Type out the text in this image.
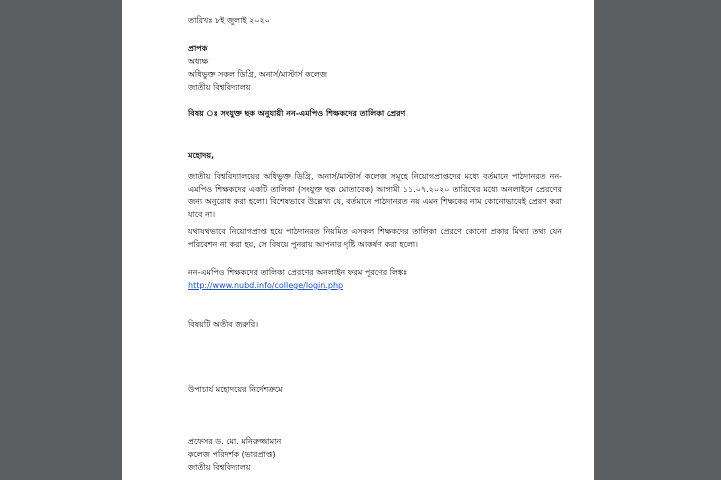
তারিখঃ ৮ই জুলাই ২০২০
প্রাপক
অধ্যক্ষ
অধিভুক্ত সকল ডিগ্রি, অনার্স/মাস্টার্স কলেজ
জাতীয় বিশ্ববিদ্যালয়
বিষয় ঃ সংযুক্ত ছক অনুযায়ী নন-এমপিও শিক্ষকদের তালিকা প্রেরণ
মহোদয়,
জাতীয় বিশ্ববিদ্যালয়ের অধিভুক্ত ডিগ্রি, অনার্স/মাস্টার্স কলেজ সমূহে নিয়োগপ্রাপ্তদের মধ্যে বর্তমানে পাঠদানরত নন-এমপিও শিক্ষকদের একটি তালিকা (সংযুক্ত ছক মোতাবেক) আগামী ১১.০৭.২০২০ তারিখের মধ্যে অনলাইনে প্রেরণের জন্য অনুরোধ করা হলো। বিশেষভাবে উল্লেখ্য যে, বর্তমানে পাঠদানরত নয় এমন শিক্ষকের নাম কোনোভাবেই প্রেরণ করা যাবে না।
যথাযথভাবে নিয়োগপ্রাপ্ত হয়ে পাঠদানরত নিয়মিত এসকল শিক্ষকদের তালিকা প্রেরণে কোনো প্রকার মিথ্যা তথ্য যেন পরিবেশন না করা হয়, সে বিষয়ে পুনরায় আপনার দৃষ্টি আকর্ষণ করা হলো।
নন-এমপিও শিক্ষকদের তালিকা প্রেরণের অনলাইন ফরম পূরণের লিঙ্কঃ
http://www.nubd.info/college/login.php
বিষয়টি অতীব জরুরি।
উপাচার্য মহোদয়ের নির্দেশক্রমে
প্রফেসর ড. মো. মনিরুজ্জামান
কলেজ পরিদর্শক (ভারপ্রাপ্ত)
জাতীয় বিশ্ববিদ্যালয়
